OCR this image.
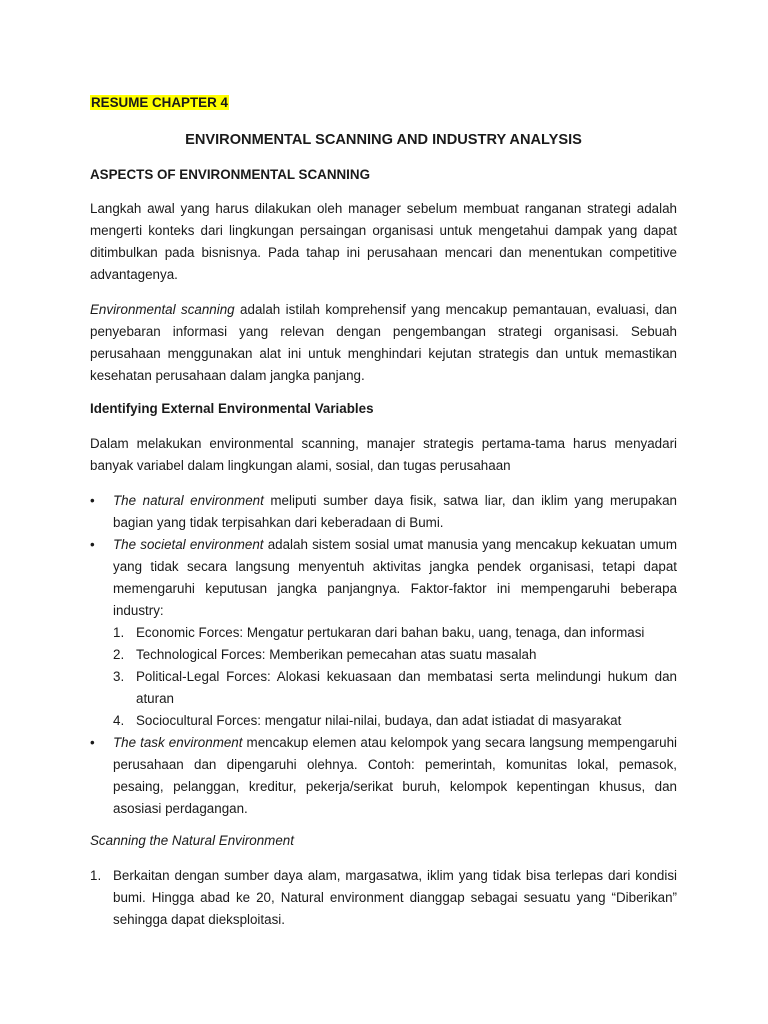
RESUME CHAPTER 4
ENVIRONMENTAL SCANNING AND INDUSTRY ANALYSIS
ASPECTS OF ENVIRONMENTAL SCANNING
Langkah awal yang harus dilakukan oleh manager sebelum membuat ranganan strategi adalah mengerti konteks dari lingkungan persaingan organisasi untuk mengetahui dampak yang dapat ditimbulkan pada bisnisnya. Pada tahap ini perusahaan mencari dan menentukan competitive advantagenya.
Environmental scanning adalah istilah komprehensif yang mencakup pemantauan, evaluasi, dan penyebaran informasi yang relevan dengan pengembangan strategi organisasi. Sebuah perusahaan menggunakan alat ini untuk menghindari kejutan strategis dan untuk memastikan kesehatan perusahaan dalam jangka panjang.
Identifying External Environmental Variables
Dalam melakukan environmental scanning, manajer strategis pertama-tama harus menyadari banyak variabel dalam lingkungan alami, sosial, dan tugas perusahaan
•	The natural environment meliputi sumber daya fisik, satwa liar, dan iklim yang merupakan bagian yang tidak terpisahkan dari keberadaan di Bumi.
•	The societal environment adalah sistem sosial umat manusia yang mencakup kekuatan umum yang tidak secara langsung menyentuh aktivitas jangka pendek organisasi, tetapi dapat memengaruhi keputusan jangka panjangnya. Faktor-faktor ini mempengaruhi beberapa industry:
1. Economic Forces: Mengatur pertukaran dari bahan baku, uang, tenaga, dan informasi
2. Technological Forces: Memberikan pemecahan atas suatu masalah
3. Political-Legal Forces: Alokasi kekuasaan dan membatasi serta melindungi hukum dan aturan
4. Sociocultural Forces: mengatur nilai-nilai, budaya, dan adat istiadat di masyarakat
•	The task environment mencakup elemen atau kelompok yang secara langsung mempengaruhi perusahaan dan dipengaruhi olehnya. Contoh: pemerintah, komunitas lokal, pemasok, pesaing, pelanggan, kreditur, pekerja/serikat buruh, kelompok kepentingan khusus, dan asosiasi perdagangan.
Scanning the Natural Environment
1. Berkaitan dengan sumber daya alam, margasatwa, iklim yang tidak bisa terlepas dari kondisi bumi. Hingga abad ke 20, Natural environment dianggap sebagai sesuatu yang “Diberikan” sehingga dapat dieksploitasi.
